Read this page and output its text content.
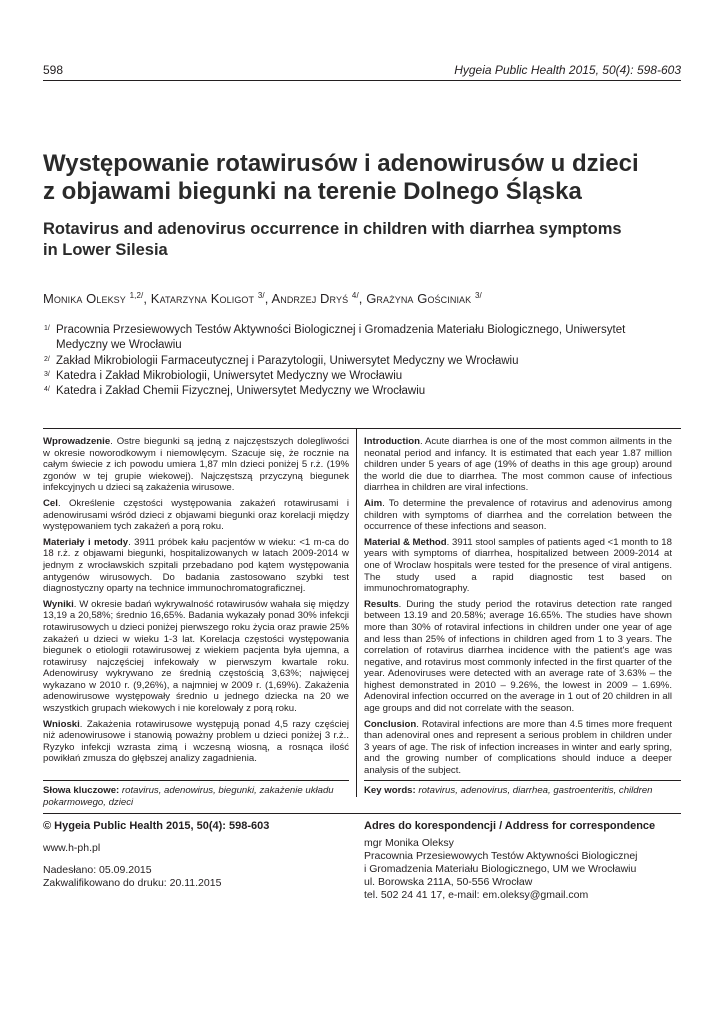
598	Hygeia Public Health 2015, 50(4): 598-603
Występowanie rotawirusów i adenowirusów u dzieci
z objawami biegunki na terenie Dolnego Śląska
Rotavirus and adenovirus occurrence in children with diarrhea symptoms
in Lower Silesia
Monika Oleksy $^{1,2/}$, Katarzyna Koligot $^{3/}$, Andrzej Dryś $^{4/}$, Grażyna Gościniak $^{3/}$
1/ Pracownia Przesiewowych Testów Aktywności Biologicznej i Gromadzenia Materiału Biologicznego, Uniwersytet
Medyczny we Wrocławiu
2/ Zakład Mikrobiologii Farmaceutycznej i Parazytologii, Uniwersytet Medyczny we Wrocławiu
3/ Katedra i Zakład Mikrobiologii, Uniwersytet Medyczny we Wrocławiu
4/ Katedra i Zakład Chemii Fizycznej, Uniwersytet Medyczny we Wrocławiu

Wprowadzenie. Ostre biegunki są jedną z najczęstszych dolegliwości w okresie noworodkowym i niemowlęcym. Szacuje się, że rocznie na całym świecie z ich powodu umiera 1,87 mln dzieci poniżej 5 r.ż. (19% zgonów w tej grupie wiekowej). Najczęstszą przyczyną biegunek infekcyjnych u dzieci są zakażenia wirusowe.

Cel. Określenie częstości występowania zakażeń rotawirusami i adenowirusami wśród dzieci z objawami biegunki oraz korelacji między występowaniem tych zakażeń a porą roku.

Materiały i metody. 3911 próbek kału pacjentów w wieku: <1 m-ca do 18 r.ż. z objawami biegunki, hospitalizowanych w latach 2009-2014 w jednym z wrocławskich szpitali przebadano pod kątem występowania antygenów wirusowych. Do badania zastosowano szybki test diagnostyczny oparty na technice immunochromatograficznej.

Wyniki. W okresie badań wykrywalność rotawirusów wahała się między 13,19 a 20,58%; średnio 16,65%. Badania wykazały ponad 30% infekcji rotawirusowych u dzieci poniżej pierwszego roku życia oraz prawie 25% zakażeń u dzieci w wieku 1-3 lat. Korelacja częstości występowania biegunek o etiologii rotawirusowej z wiekiem pacjenta była ujemna, a rotawirusy najczęściej infekowały w pierwszym kwartale roku. Adenowirusy wykrywano ze średnią częstością 3,63%; najwięcej wykazano w 2010 r. (9,26%), a najmniej w 2009 r. (1,69%). Zakażenia adenowirusowe występowały średnio u jednego dziecka na 20 we wszystkich grupach wiekowych i nie korelowały z porą roku.

Wnioski. Zakażenia rotawirusowe występują ponad 4,5 razy częściej niż adenowirusowe i stanowią poważny problem u dzieci poniżej 3 r.ż.. Ryzyko infekcji wzrasta zimą i wczesną wiosną, a rosnąca ilość powikłań zmusza do głębszej analizy zagadnienia.

Introduction. Acute diarrhea is one of the most common ailments in the neonatal period and infancy. It is estimated that each year 1.87 million children under 5 years of age (19% of deaths in this age group) around the world die due to diarrhea. The most common cause of infectious diarrhea in children are viral infections.

Aim. To determine the prevalence of rotavirus and adenovirus among children with symptoms of diarrhea and the correlation between the occurrence of these infections and season.

Material & Method. 3911 stool samples of patients aged <1 month to 18 years with symptoms of diarrhea, hospitalized between 2009-2014 at one of Wroclaw hospitals were tested for the presence of viral antigens. The study used a rapid diagnostic test based on immunochromatography.

Results. During the study period the rotavirus detection rate ranged between 13.19 and 20.58%; average 16.65%. The studies have shown more than 30% of rotaviral infections in children under one year of age and less than 25% of infections in children aged from 1 to 3 years. The correlation of rotavirus diarrhea incidence with the patient's age was negative, and rotavirus most commonly infected in the first quarter of the year. Adenoviruses were detected with an average rate of 3.63% – the highest demonstrated in 2010 – 9.26%, the lowest in 2009 – 1.69%. Adenoviral infection occurred on the average in 1 out of 20 children in all age groups and did not correlate with the season.

Conclusion. Rotaviral infections are more than 4.5 times more frequent than adenoviral ones and represent a serious problem in children under 3 years of age. The risk of infection increases in winter and early spring, and the growing number of complications should induce a deeper analysis of the subject.

Słowa kluczowe: rotavirus, adenowirus, biegunki, zakażenie układu
pokarmowego, dzieci
Key words: rotavirus, adenovirus, diarrhea, gastroenteritis, children
© Hygeia Public Health 2015, 50(4): 598-603
www.h-ph.pl
Nadesłano: 05.09.2015
Zakwalifikowano do druku: 20.11.2015
Adres do korespondencji / Address for correspondence
mgr Monika Oleksy
Pracownia Przesiewowych Testów Aktywności Biologicznej
i Gromadzenia Materiału Biologicznego, UM we Wrocławiu
ul. Borowska 211A, 50-556 Wrocław
tel. 502 24 41 17, e-mail: em.oleksy@gmail.com
